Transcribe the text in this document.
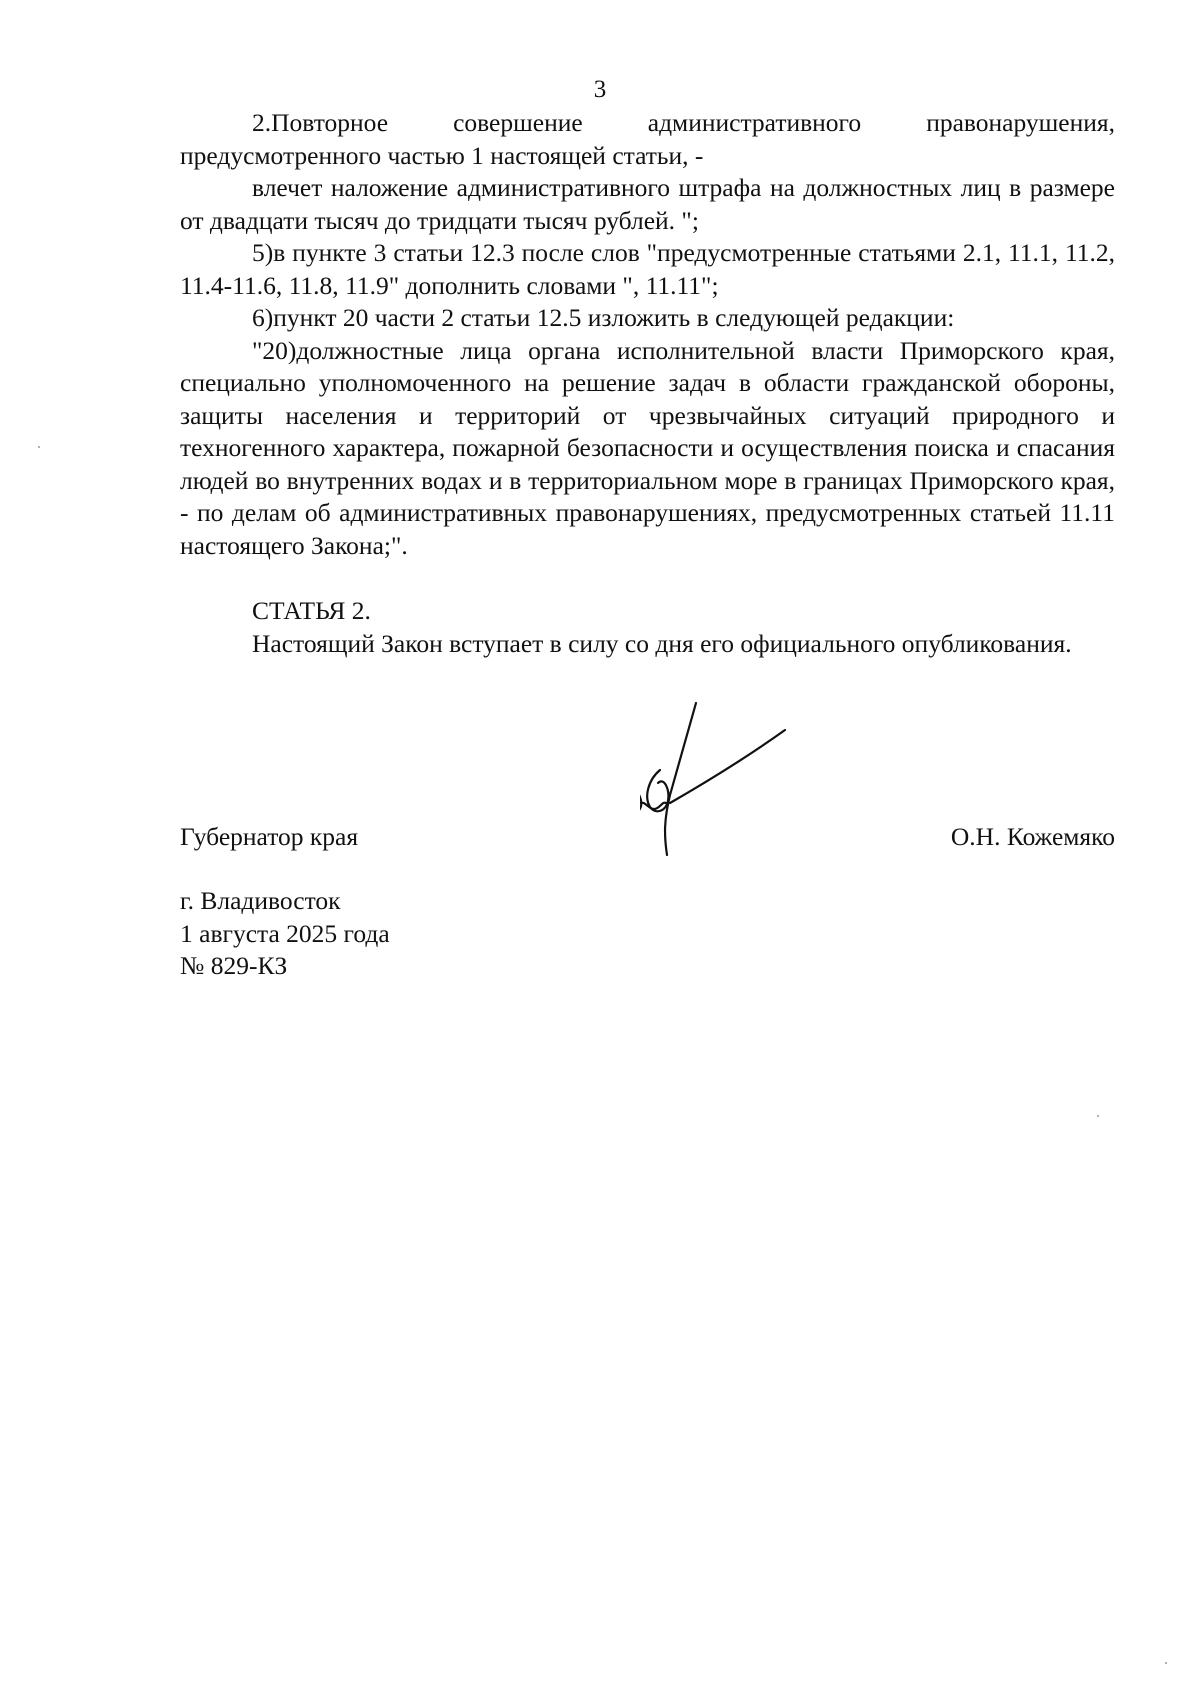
3

2.Повторное совершение административного правонарушения, предусмотренного частью 1 настоящей статьи, -

влечет наложение административного штрафа на должностных лиц в размере от двадцати тысяч до тридцати тысяч рублей. ";

5)в пункте 3 статьи 12.3 после слов "предусмотренные статьями 2.1, 11.1, 11.2, 11.4-11.6, 11.8, 11.9" дополнить словами ", 11.11";

6)пункт 20 части 2 статьи 12.5 изложить в следующей редакции:

"20)должностные лица органа исполнительной власти Приморского края, специально уполномоченного на решение задач в области гражданской обороны, защиты населения и территорий от чрезвычайных ситуаций природного и техногенного характера, пожарной безопасности и осуществления поиска и спасания людей во внутренних водах и в территориальном море в границах Приморского края, - по делам об административных правонарушениях, предусмотренных статьей 11.11 настоящего Закона;".

СТАТЬЯ 2.

Настоящий Закон вступает в силу со дня его официального опубликования.

Губернатор края	О.Н. Кожемяко
г. Владивосток
1 августа 2025 года
№ 829-КЗ
